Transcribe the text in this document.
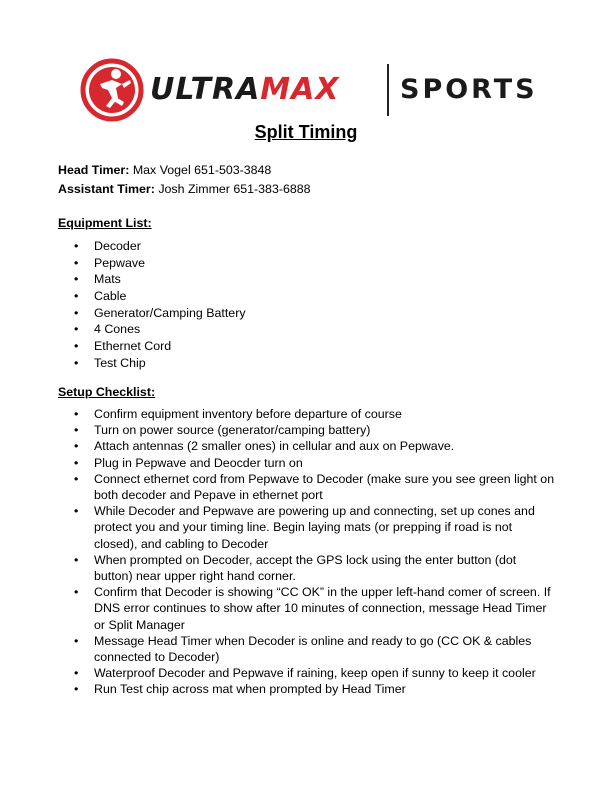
ULTRAMAX SPORTS
Split Timing
Head Timer: Max Vogel 651-503-3848
Assistant Timer: Josh Zimmer 651-383-6888
Equipment List:
• Decoder
• Pepwave
• Mats
• Cable
• Generator/Camping Battery
• 4 Cones
• Ethernet Cord
• Test Chip
Setup Checklist:
• Confirm equipment inventory before departure of course
• Turn on power source (generator/camping battery)
• Attach antennas (2 smaller ones) in cellular and aux on Pepwave.
• Plug in Pepwave and Deocder turn on
• Connect ethernet cord from Pepwave to Decoder (make sure you see green light on both decoder and Pepave in ethernet port
• While Decoder and Pepwave are powering up and connecting, set up cones and protect you and your timing line. Begin laying mats (or prepping if road is not closed), and cabling to Decoder
• When prompted on Decoder, accept the GPS lock using the enter button (dot button) near upper right hand corner.
• Confirm that Decoder is showing “CC OK” in the upper left-hand comer of screen. If DNS error continues to show after 10 minutes of connection, message Head Timer or Split Manager
• Message Head Timer when Decoder is online and ready to go (CC OK & cables connected to Decoder)
• Waterproof Decoder and Pepwave if raining, keep open if sunny to keep it cooler
• Run Test chip across mat when prompted by Head Timer
